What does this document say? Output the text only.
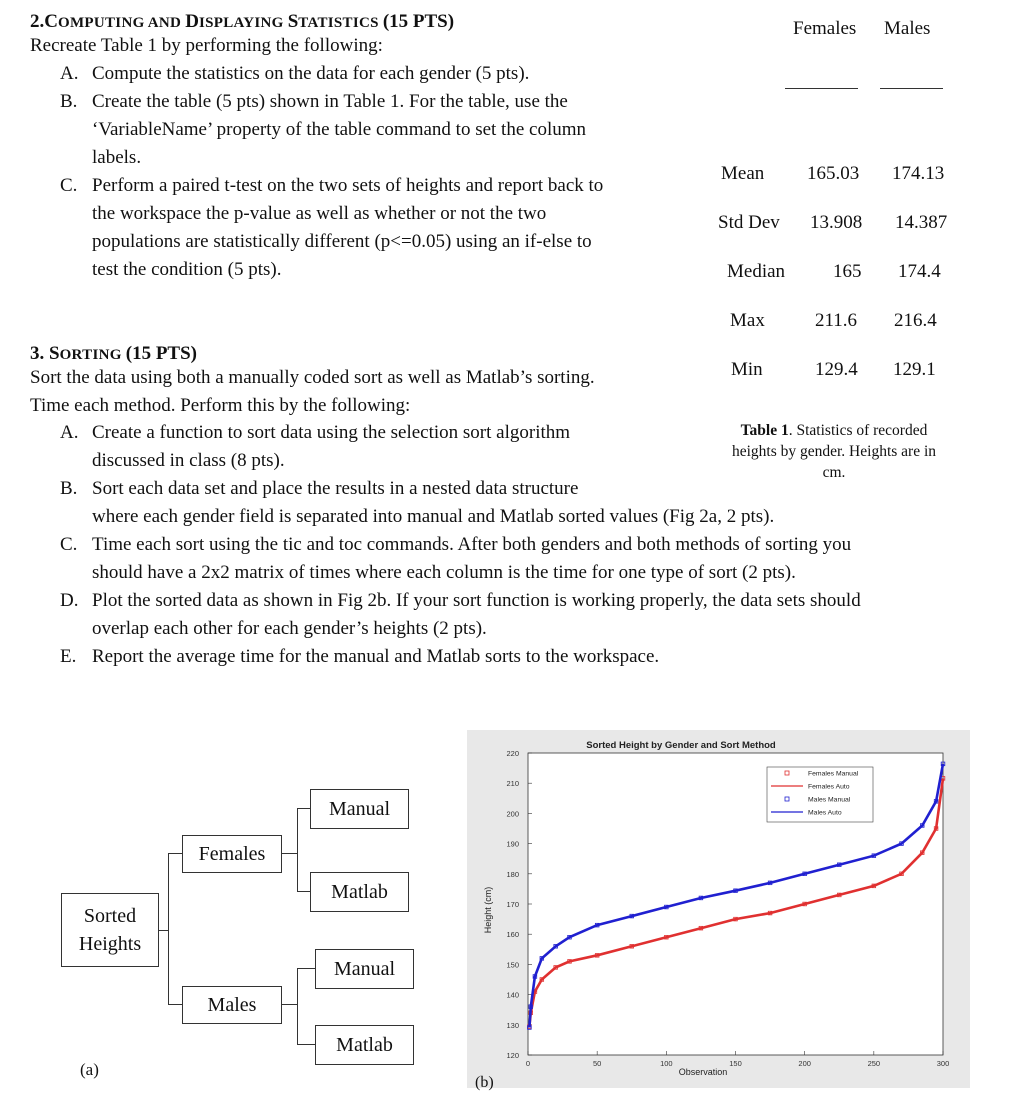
2.COMPUTING AND DISPLAYING STATISTICS (15 PTS)
Recreate Table 1 by performing the following:
A. Compute the statistics on the data for each gender (5 pts).
B. Create the table (5 pts) shown in Table 1. For the table, use the
‘VariableName’ property of the table command to set the column
labels.
C. Perform a paired t-test on the two sets of heights and report back to
the workspace the p-value as well as whether or not the two
populations are statistically different (p<=0.05) using an if-else to
test the condition (5 pts).
3. SORTING (15 PTS)
Sort the data using both a manually coded sort as well as Matlab’s sorting.
Time each method. Perform this by the following:
A. Create a function to sort data using the selection sort algorithm
discussed in class (8 pts).
B. Sort each data set and place the results in a nested data structure
where each gender field is separated into manual and Matlab sorted values (Fig 2a, 2 pts).
C. Time each sort using the tic and toc commands. After both genders and both methods of sorting you
should have a 2x2 matrix of times where each column is the time for one type of sort (2 pts).
D. Plot the sorted data as shown in Fig 2b. If your sort function is working properly, the data sets should
overlap each other for each gender’s heights (2 pts).
E. Report the average time for the manual and Matlab sorts to the workspace.
Females Males
Mean 165.03 174.13
Std Dev 13.908 14.387
Median	165 174.4
Max	211.6 216.4
Min	129.4 129.1
Table 1. Statistics of recorded
heights by gender. Heights are in
cm.
Sorted
Heights
Females
Males
Manual
Matlab
Manual
Matlab
(a)
Sorted Height by Gender and Sort Method
Observation
Height (cm)
0	50	100	150	200	250	300
120
130
140
150
160
170
180
190
200
210
220
Females Manual
Females Auto
Males Manual
Males Auto
(b)
